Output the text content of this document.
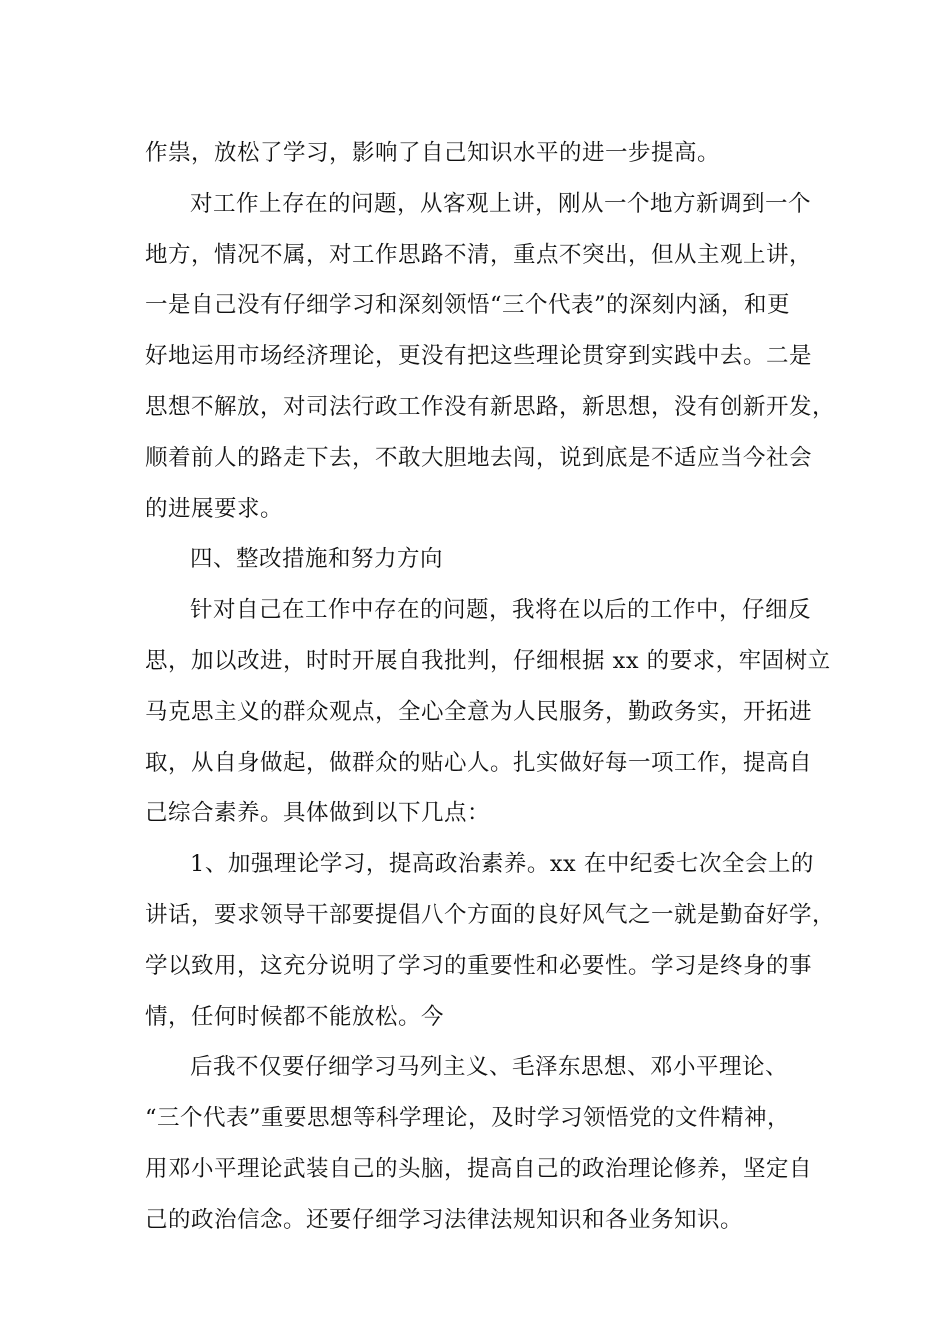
作祟，放松了学习，影响了自己知识水平的进一步提高。
对工作上存在的问题，从客观上讲，刚从一个地方新调到一个
地方，情况不属，对工作思路不清，重点不突出，但从主观上讲，
一是自己没有仔细学习和深刻领悟“三个代表”的深刻内涵，和更
好地运用市场经济理论，更没有把这些理论贯穿到实践中去。二是
思想不解放，对司法行政工作没有新思路，新思想，没有创新开发，
顺着前人的路走下去，不敢大胆地去闯，说到底是不适应当今社会
的进展要求。
四、整改措施和努力方向
针对自己在工作中存在的问题，我将在以后的工作中，仔细反
思，加以改进，时时开展自我批判，仔细根据 xx 的要求，牢固树立
马克思主义的群众观点，全心全意为人民服务，勤政务实，开拓进
取，从自身做起，做群众的贴心人。扎实做好每一项工作，提高自
己综合素养。具体做到以下几点：
1、加强理论学习，提高政治素养。xx 在中纪委七次全会上的
讲话，要求领导干部要提倡八个方面的良好风气之一就是勤奋好学，
学以致用，这充分说明了学习的重要性和必要性。学习是终身的事
情，任何时候都不能放松。今
后我不仅要仔细学习马列主义、毛泽东思想、邓小平理论、
“三个代表”重要思想等科学理论，及时学习领悟党的文件精神，
用邓小平理论武装自己的头脑，提高自己的政治理论修养，坚定自
己的政治信念。还要仔细学习法律法规知识和各业务知识。
